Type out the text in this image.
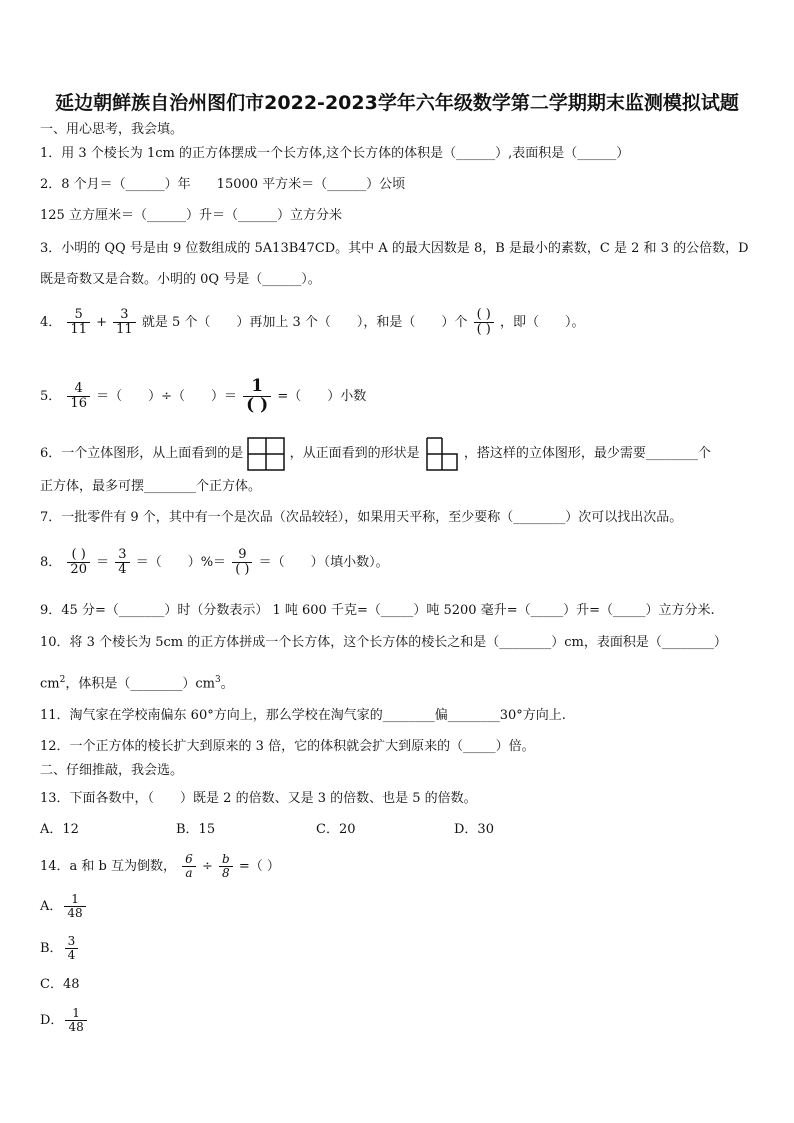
延边朝鲜族自治州图们市2022-2023学年六年级数学第二学期期末监测模拟试题
一、用心思考，我会填。
1．用 3 个棱长为 1cm 的正方体摆成一个长方体,这个长方体的体积是（______）,表面积是（______）
2．8 个月＝（______）年　　15000 平方米＝（______）公顷
125 立方厘米＝（______）升＝（______）立方分米
3．小明的 QQ 号是由 9 位数组成的 5A13B47CD。其中 A 的最大因数是 8，B 是最小的素数，C 是 2 和 3 的公倍数，D
既是奇数又是合数。小明的 0Q 号是（______）。
4． $\frac{5}{11} + \frac{3}{11}$ 就是 5 个（　　）再加上 3 个（　　），和是（　　）个 $\frac{( )}{( )}$ ，即（　　）。
5． $\frac{4}{16}$ ＝（　　）÷（　　）＝ $\frac{1}{( )}$ =（　　）小数
6．一个立体图形，从上面看到的是	，从正面看到的形状是	，搭这样的立体图形，最少需要________个
正方体，最多可摆________个正方体。
7．一批零件有 9 个，其中有一个是次品（次品较轻），如果用天平称，至少要称（________）次可以找出次品。
8． $\frac{( )}{20} = \frac{3}{4}$ ＝（　　）%＝ $\frac{9}{( )}$ ＝（　　）（填小数）。
9．45 分=（_______）时（分数表示） 1 吨 600 千克=（_____）吨 5200 毫升=（_____）升=（_____）立方分米.
10．将 3 个棱长为 5cm 的正方体拼成一个长方体，这个长方体的棱长之和是（________）cm，表面积是（________）
$cm^2$，体积是$(\_\_\_\_\_\_\_\_)cm^3$。
11．淘气家在学校南偏东 60°方向上，那么学校在淘气家的________偏________30°方向上.
12．一个正方体的棱长扩大到原来的 3 倍，它的体积就会扩大到原来的（_____）倍。
二、仔细推敲，我会选。
13．下面各数中，（　　）既是 2 的倍数、又是 3 的倍数、也是 5 的倍数。
A．12	B．15	C．20	D．30
14．a 和 b 互为倒数， $\frac{6}{a} \div \frac{b}{8}$ =（ ）
A． $\frac{1}{48}$
B． $\frac{3}{4}$
C．48
D． $\frac{1}{48}$
